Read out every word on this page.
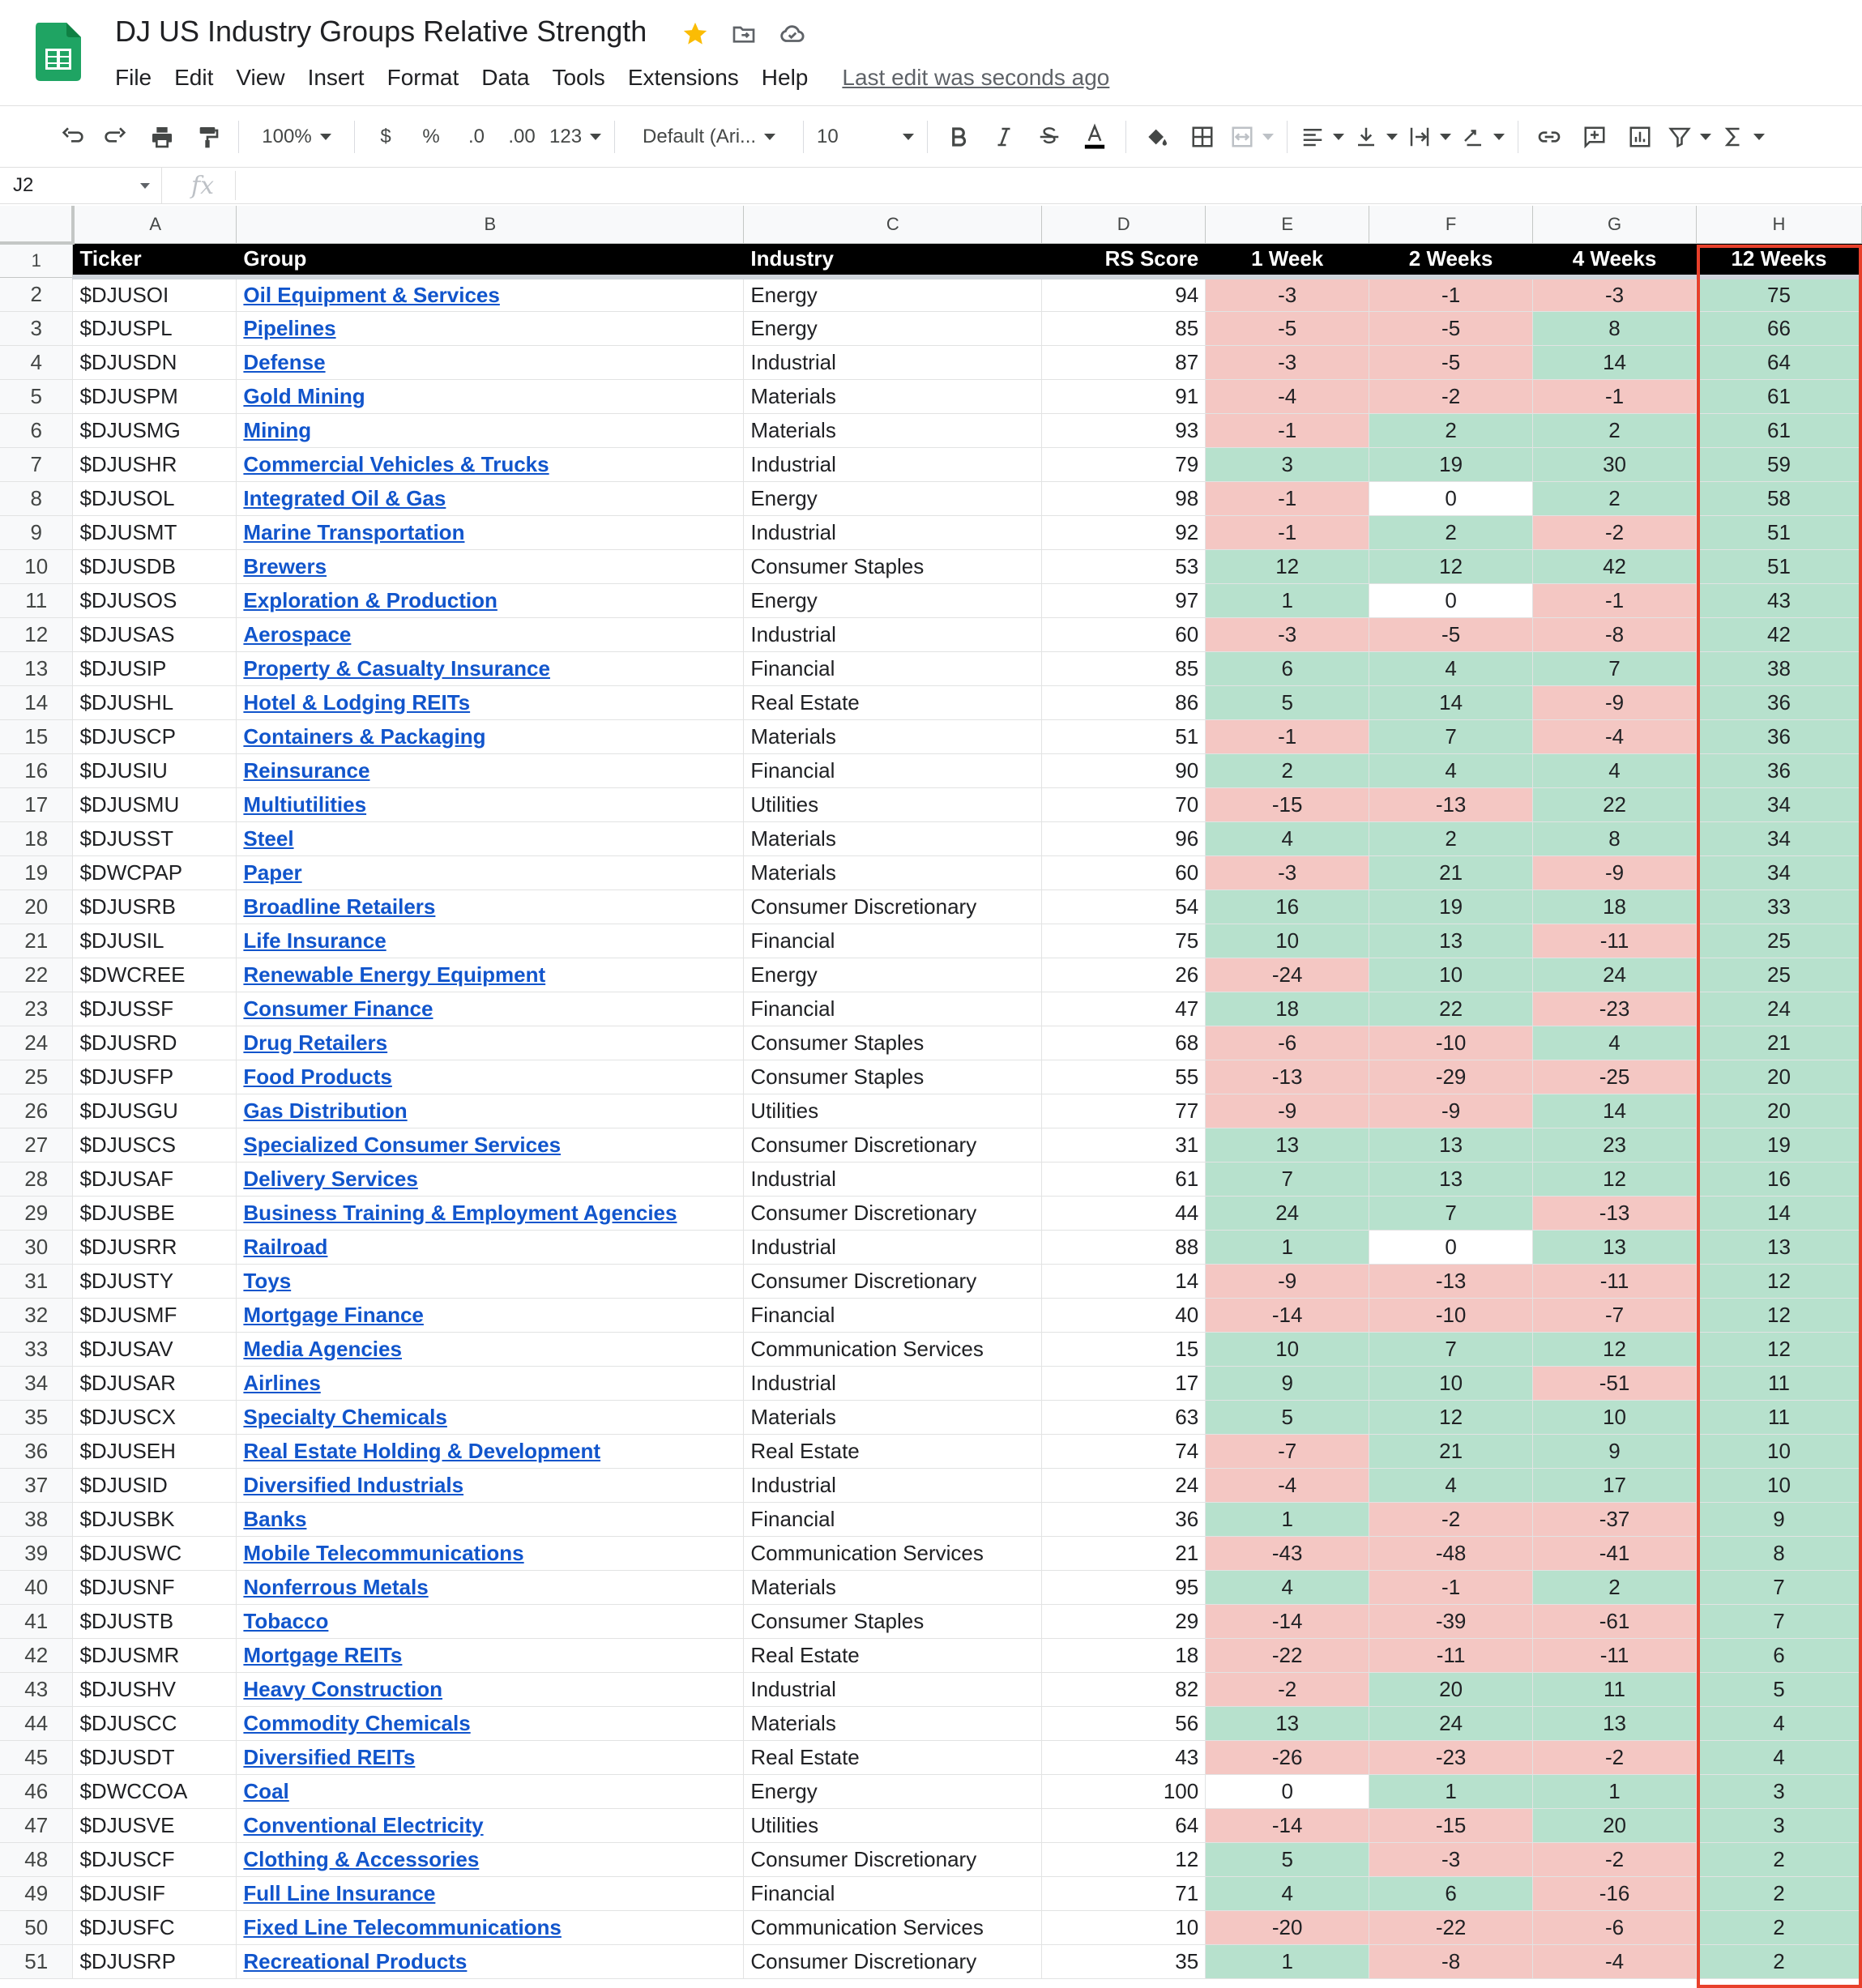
DJ US Industry Groups Relative Strength
File Edit View Insert Format Data Tools Extensions Help Last edit was seconds ago
100%	$ % .0 .00 123	Default (Ari...	10
J2	fx
	A	B	C	D	E	F	G	H
1	Ticker	Group	Industry	RS Score	1 Week	2 Weeks	4 Weeks	12 Weeks
2	$DJUSOI	Oil Equipment & Services	Energy	94	-3	-1	-3	75
3	$DJUSPL	Pipelines	Energy	85	-5	-5	8	66
4	$DJUSDN	Defense	Industrial	87	-3	-5	14	64
5	$DJUSPM	Gold Mining	Materials	91	-4	-2	-1	61
6	$DJUSMG	Mining	Materials	93	-1	2	2	61
7	$DJUSHR	Commercial Vehicles & Trucks	Industrial	79	3	19	30	59
8	$DJUSOL	Integrated Oil & Gas	Energy	98	-1	0	2	58
9	$DJUSMT	Marine Transportation	Industrial	92	-1	2	-2	51
10	$DJUSDB	Brewers	Consumer Staples	53	12	12	42	51
11	$DJUSOS	Exploration & Production	Energy	97	1	0	-1	43
12	$DJUSAS	Aerospace	Industrial	60	-3	-5	-8	42
13	$DJUSIP	Property & Casualty Insurance	Financial	85	6	4	7	38
14	$DJUSHL	Hotel & Lodging REITs	Real Estate	86	5	14	-9	36
15	$DJUSCP	Containers & Packaging	Materials	51	-1	7	-4	36
16	$DJUSIU	Reinsurance	Financial	90	2	4	4	36
17	$DJUSMU	Multiutilities	Utilities	70	-15	-13	22	34
18	$DJUSST	Steel	Materials	96	4	2	8	34
19	$DWCPAP	Paper	Materials	60	-3	21	-9	34
20	$DJUSRB	Broadline Retailers	Consumer Discretionary	54	16	19	18	33
21	$DJUSIL	Life Insurance	Financial	75	10	13	-11	25
22	$DWCREE	Renewable Energy Equipment	Energy	26	-24	10	24	25
23	$DJUSSF	Consumer Finance	Financial	47	18	22	-23	24
24	$DJUSRD	Drug Retailers	Consumer Staples	68	-6	-10	4	21
25	$DJUSFP	Food Products	Consumer Staples	55	-13	-29	-25	20
26	$DJUSGU	Gas Distribution	Utilities	77	-9	-9	14	20
27	$DJUSCS	Specialized Consumer Services	Consumer Discretionary	31	13	13	23	19
28	$DJUSAF	Delivery Services	Industrial	61	7	13	12	16
29	$DJUSBE	Business Training & Employment Agencies	Consumer Discretionary	44	24	7	-13	14
30	$DJUSRR	Railroad	Industrial	88	1	0	13	13
31	$DJUSTY	Toys	Consumer Discretionary	14	-9	-13	-11	12
32	$DJUSMF	Mortgage Finance	Financial	40	-14	-10	-7	12
33	$DJUSAV	Media Agencies	Communication Services	15	10	7	12	12
34	$DJUSAR	Airlines	Industrial	17	9	10	-51	11
35	$DJUSCX	Specialty Chemicals	Materials	63	5	12	10	11
36	$DJUSEH	Real Estate Holding & Development	Real Estate	74	-7	21	9	10
37	$DJUSID	Diversified Industrials	Industrial	24	-4	4	17	10
38	$DJUSBK	Banks	Financial	36	1	-2	-37	9
39	$DJUSWC	Mobile Telecommunications	Communication Services	21	-43	-48	-41	8
40	$DJUSNF	Nonferrous Metals	Materials	95	4	-1	2	7
41	$DJUSTB	Tobacco	Consumer Staples	29	-14	-39	-61	7
42	$DJUSMR	Mortgage REITs	Real Estate	18	-22	-11	-11	6
43	$DJUSHV	Heavy Construction	Industrial	82	-2	20	11	5
44	$DJUSCC	Commodity Chemicals	Materials	56	13	24	13	4
45	$DJUSDT	Diversified REITs	Real Estate	43	-26	-23	-2	4
46	$DWCCOA	Coal	Energy	100	0	1	1	3
47	$DJUSVE	Conventional Electricity	Utilities	64	-14	-15	20	3
48	$DJUSCF	Clothing & Accessories	Consumer Discretionary	12	5	-3	-2	2
49	$DJUSIF	Full Line Insurance	Financial	71	4	6	-16	2
50	$DJUSFC	Fixed Line Telecommunications	Communication Services	10	-20	-22	-6	2
51	$DJUSRP	Recreational Products	Consumer Discretionary	35	1	-8	-4	2
